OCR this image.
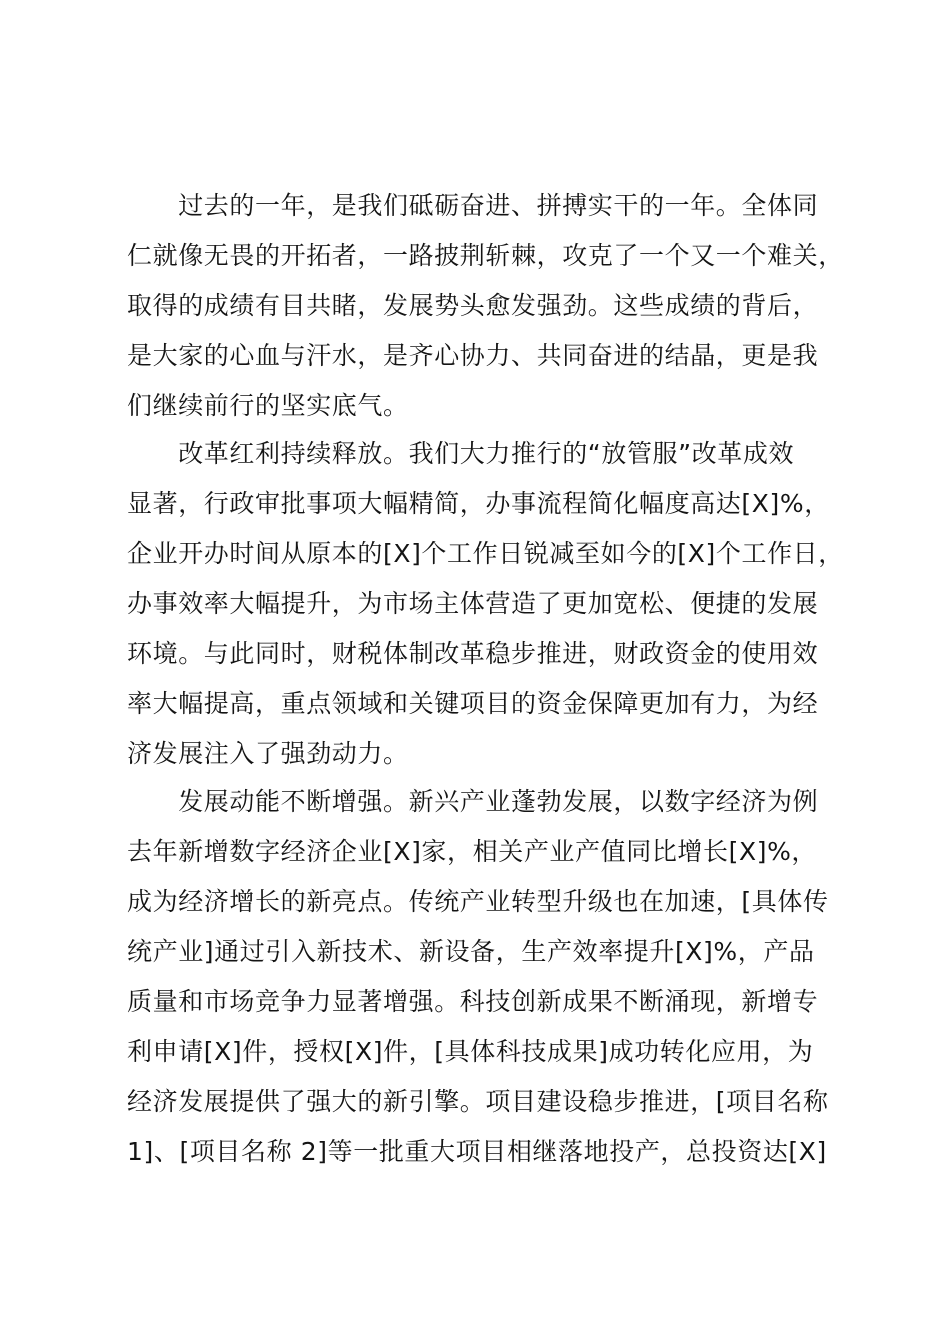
　　过去的一年，是我们砥砺奋进、拼搏实干的一年。全体同
仁就像无畏的开拓者，一路披荆斩棘，攻克了一个又一个难关，
取得的成绩有目共睹，发展势头愈发强劲。这些成绩的背后，
是大家的心血与汗水，是齐心协力、共同奋进的结晶，更是我
们继续前行的坚实底气。
　　改革红利持续释放。我们大力推行的“放管服”改革成效
显著，行政审批事项大幅精简，办事流程简化幅度高达[X]%，
企业开办时间从原本的[X]个工作日锐减至如今的[X]个工作日，
办事效率大幅提升，为市场主体营造了更加宽松、便捷的发展
环境。与此同时，财税体制改革稳步推进，财政资金的使用效
率大幅提高，重点领域和关键项目的资金保障更加有力，为经
济发展注入了强劲动力。
　　发展动能不断增强。新兴产业蓬勃发展，以数字经济为例
去年新增数字经济企业[X]家，相关产业产值同比增长[X]%，
成为经济增长的新亮点。传统产业转型升级也在加速，[具体传
统产业]通过引入新技术、新设备，生产效率提升[X]%，产品
质量和市场竞争力显著增强。科技创新成果不断涌现，新增专
利申请[X]件，授权[X]件，[具体科技成果]成功转化应用，为
经济发展提供了强大的新引擎。项目建设稳步推进，[项目名称
1]、[项目名称 2]等一批重大项目相继落地投产，总投资达[X]
